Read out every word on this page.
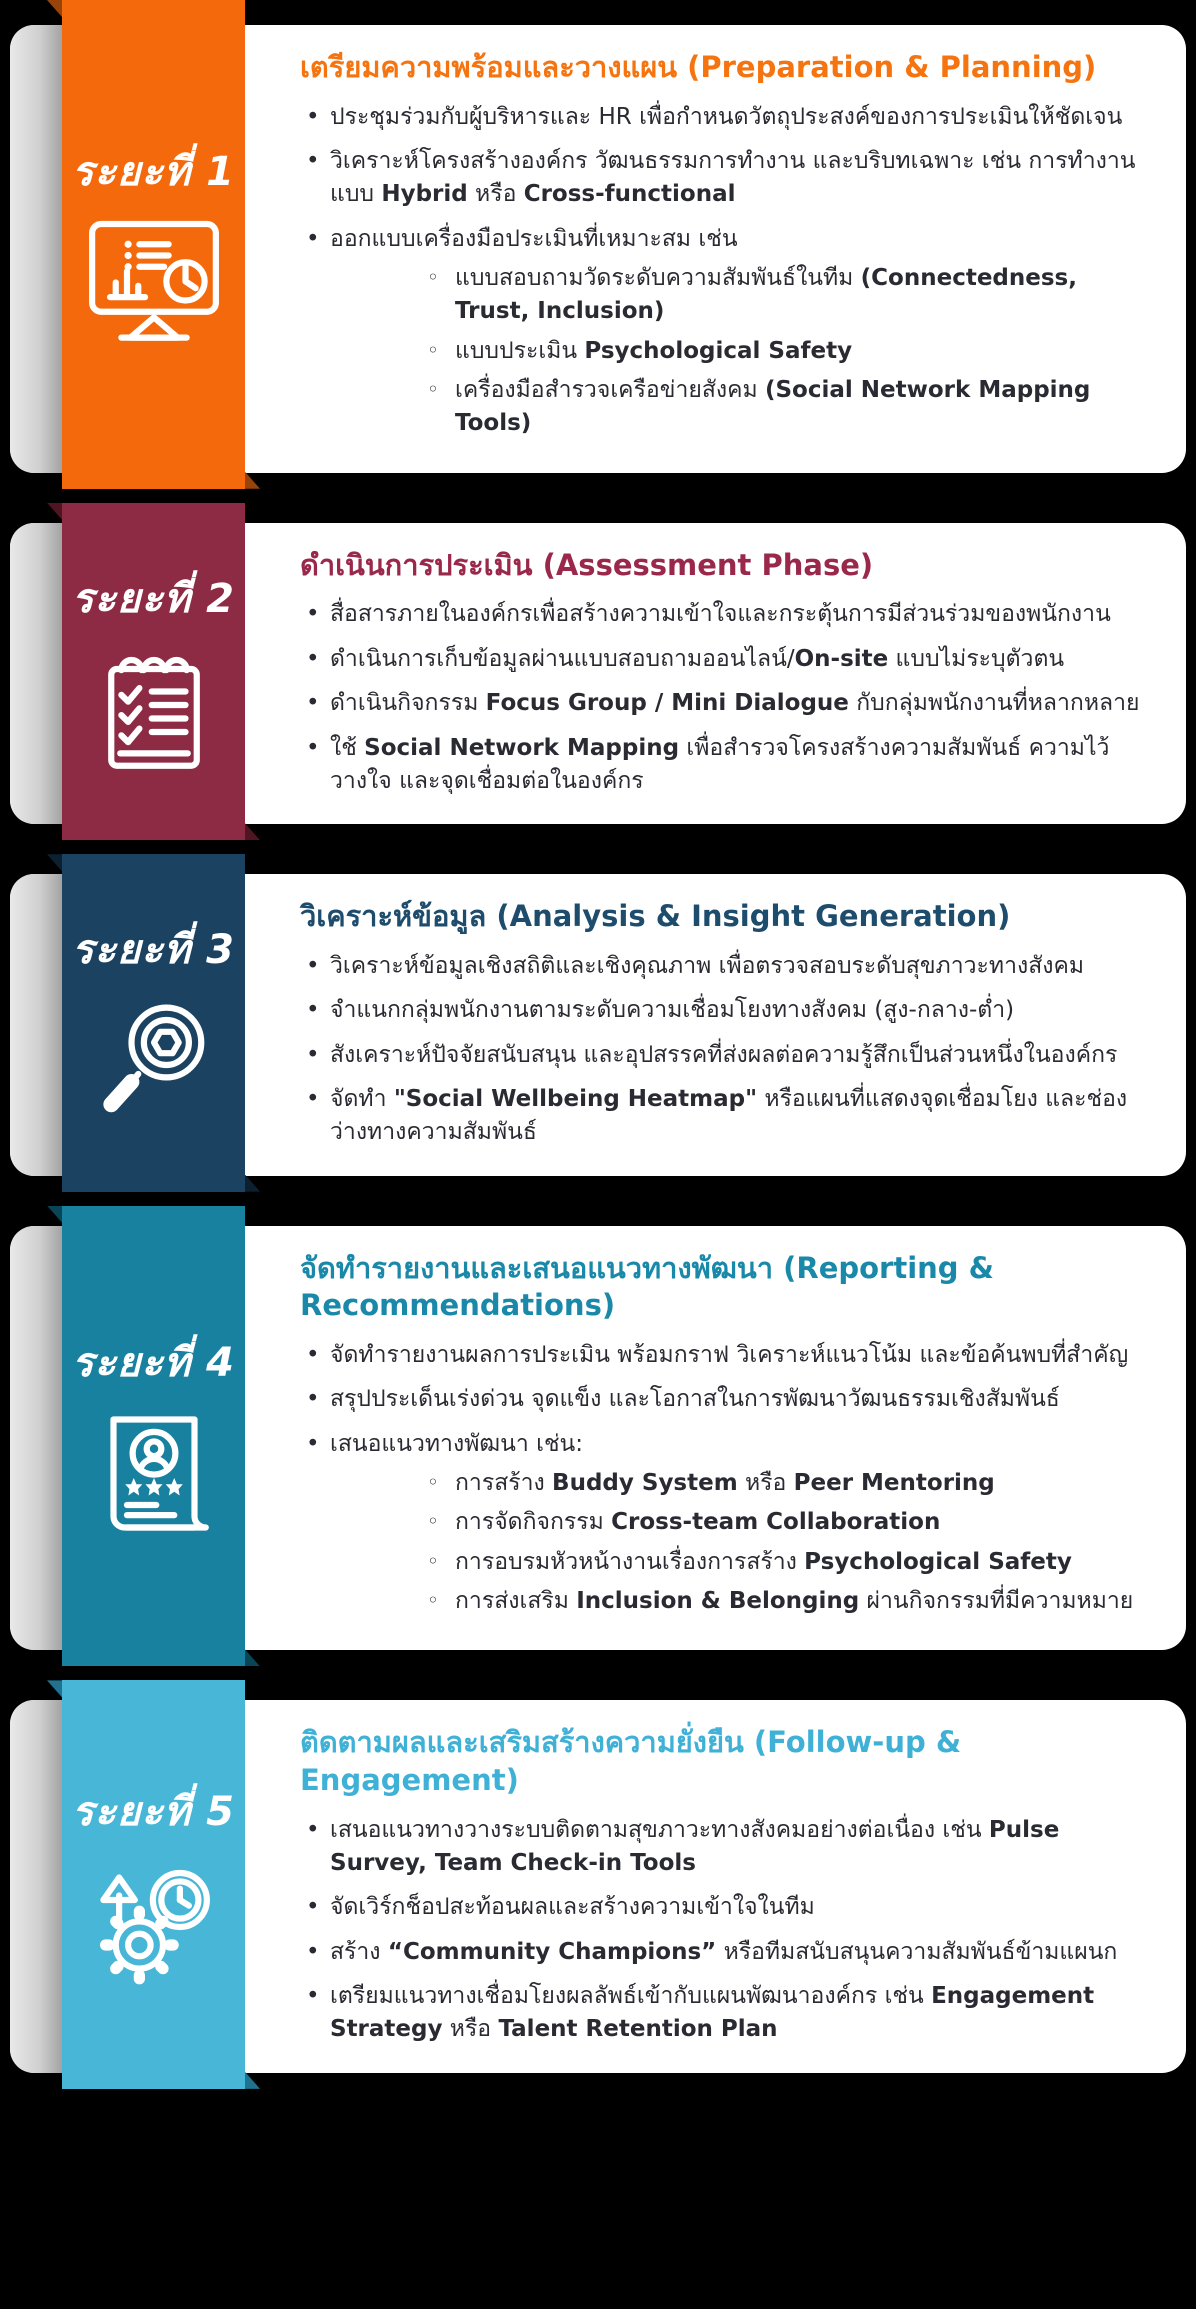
เตรียมความพร้อมและวางแผน (Preparation & Planning)
• ประชุมร่วมกับผู้บริหารและ HR เพื่อกำหนดวัตถุประสงค์ของการประเมินให้ชัดเจน
• วิเคราะห์โครงสร้างองค์กร วัฒนธรรมการทำงาน และบริบทเฉพาะ เช่น การทำงานแบบ Hybrid หรือ Cross-functional
• ออกแบบเครื่องมือประเมินที่เหมาะสม เช่น
◦ แบบสอบถามวัดระดับความสัมพันธ์ในทีม (Connectedness, Trust, Inclusion)
◦ แบบประเมิน Psychological Safety
◦ เครื่องมือสำรวจเครือข่ายสังคม (Social Network Mapping Tools)
ระยะที่ 1
ดำเนินการประเมิน (Assessment Phase)
• สื่อสารภายในองค์กรเพื่อสร้างความเข้าใจและกระตุ้นการมีส่วนร่วมของพนักงาน
• ดำเนินการเก็บข้อมูลผ่านแบบสอบถามออนไลน์/On-site แบบไม่ระบุตัวตน
• ดำเนินกิจกรรม Focus Group / Mini Dialogue กับกลุ่มพนักงานที่หลากหลาย
• ใช้ Social Network Mapping เพื่อสำรวจโครงสร้างความสัมพันธ์ ความไว้วางใจ และจุดเชื่อมต่อในองค์กร
ระยะที่ 2
วิเคราะห์ข้อมูล (Analysis & Insight Generation)
• วิเคราะห์ข้อมูลเชิงสถิติและเชิงคุณภาพ เพื่อตรวจสอบระดับสุขภาวะทางสังคม
• จำแนกกลุ่มพนักงานตามระดับความเชื่อมโยงทางสังคม (สูง-กลาง-ต่ำ)
• สังเคราะห์ปัจจัยสนับสนุน และอุปสรรคที่ส่งผลต่อความรู้สึกเป็นส่วนหนึ่งในองค์กร
• จัดทำ "Social Wellbeing Heatmap" หรือแผนที่แสดงจุดเชื่อมโยง และช่องว่างทางความสัมพันธ์
ระยะที่ 3
จัดทำรายงานและเสนอแนวทางพัฒนา (Reporting & Recommendations)
• จัดทำรายงานผลการประเมิน พร้อมกราฟ วิเคราะห์แนวโน้ม และข้อค้นพบที่สำคัญ
• สรุปประเด็นเร่งด่วน จุดแข็ง และโอกาสในการพัฒนาวัฒนธรรมเชิงสัมพันธ์
• เสนอแนวทางพัฒนา เช่น:
◦ การสร้าง Buddy System หรือ Peer Mentoring
◦ การจัดกิจกรรม Cross-team Collaboration
◦ การอบรมหัวหน้างานเรื่องการสร้าง Psychological Safety
◦ การส่งเสริม Inclusion & Belonging ผ่านกิจกรรมที่มีความหมาย
ระยะที่ 4
ติดตามผลและเสริมสร้างความยั่งยืน (Follow-up & Engagement)
• เสนอแนวทางวางระบบติดตามสุขภาวะทางสังคมอย่างต่อเนื่อง เช่น Pulse Survey, Team Check-in Tools
• จัดเวิร์กช็อปสะท้อนผลและสร้างความเข้าใจในทีม
• สร้าง “Community Champions” หรือทีมสนับสนุนความสัมพันธ์ข้ามแผนก
• เตรียมแนวทางเชื่อมโยงผลลัพธ์เข้ากับแผนพัฒนาองค์กร เช่น Engagement Strategy หรือ Talent Retention Plan
ระยะที่ 5
